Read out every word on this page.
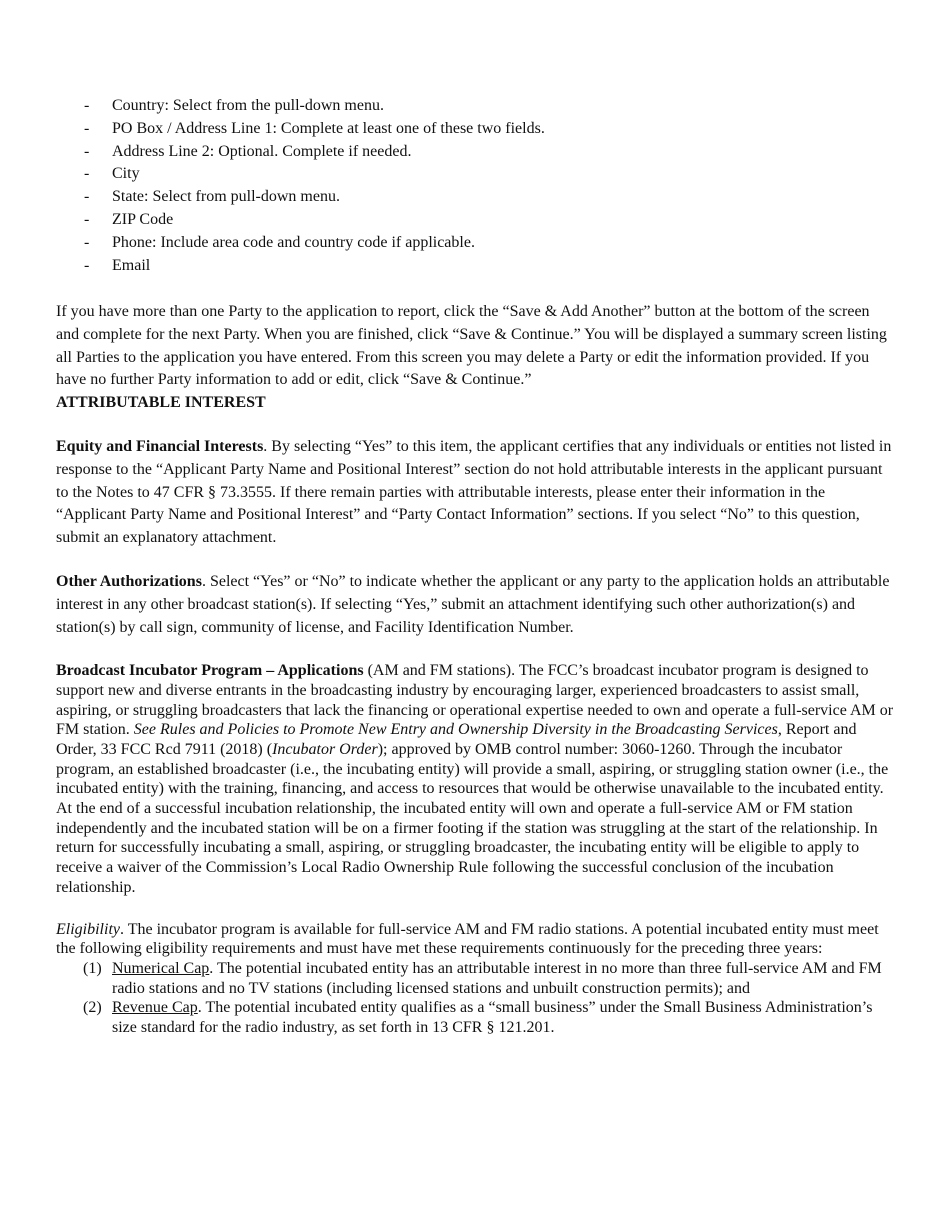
- Country: Select from the pull-down menu.
- PO Box / Address Line 1: Complete at least one of these two fields.
- Address Line 2: Optional. Complete if needed.
- City
- State: Select from pull-down menu.
- ZIP Code
- Phone: Include area code and country code if applicable.
- Email

If you have more than one Party to the application to report, click the “Save & Add Another” button at the bottom of the screen and complete for the next Party. When you are finished, click “Save & Continue.” You will be displayed a summary screen listing all Parties to the application you have entered. From this screen you may delete a Party or edit the information provided. If you have no further Party information to add or edit, click “Save & Continue.”

ATTRIBUTABLE INTEREST

Equity and Financial Interests. By selecting “Yes” to this item, the applicant certifies that any individuals or entities not listed in response to the “Applicant Party Name and Positional Interest” section do not hold attributable interests in the applicant pursuant to the Notes to 47 CFR § 73.3555. If there remain parties with attributable interests, please enter their information in the “Applicant Party Name and Positional Interest” and “Party Contact Information” sections. If you select “No” to this question, submit an explanatory attachment.

Other Authorizations. Select “Yes” or “No” to indicate whether the applicant or any party to the application holds an attributable interest in any other broadcast station(s). If selecting “Yes,” submit an attachment identifying such other authorization(s) and station(s) by call sign, community of license, and Facility Identification Number.

Broadcast Incubator Program – Applications (AM and FM stations). The FCC’s broadcast incubator program is designed to support new and diverse entrants in the broadcasting industry by encouraging larger, experienced broadcasters to assist small, aspiring, or struggling broadcasters that lack the financing or operational expertise needed to own and operate a full-service AM or FM station. See Rules and Policies to Promote New Entry and Ownership Diversity in the Broadcasting Services, Report and Order, 33 FCC Rcd 7911 (2018) (Incubator Order); approved by OMB control number: 3060-1260. Through the incubator program, an established broadcaster (i.e., the incubating entity) will provide a small, aspiring, or struggling station owner (i.e., the incubated entity) with the training, financing, and access to resources that would be otherwise unavailable to the incubated entity. At the end of a successful incubation relationship, the incubated entity will own and operate a full-service AM or FM station independently and the incubated station will be on a firmer footing if the station was struggling at the start of the relationship. In return for successfully incubating a small, aspiring, or struggling broadcaster, the incubating entity will be eligible to apply to receive a waiver of the Commission’s Local Radio Ownership Rule following the successful conclusion of the incubation relationship.

Eligibility. The incubator program is available for full-service AM and FM radio stations. A potential incubated entity must meet the following eligibility requirements and must have met these requirements continuously for the preceding three years:

(1) Numerical Cap. The potential incubated entity has an attributable interest in no more than three full-service AM and FM radio stations and no TV stations (including licensed stations and unbuilt construction permits); and
(2) Revenue Cap. The potential incubated entity qualifies as a “small business” under the Small Business Administration’s size standard for the radio industry, as set forth in 13 CFR § 121.201.
